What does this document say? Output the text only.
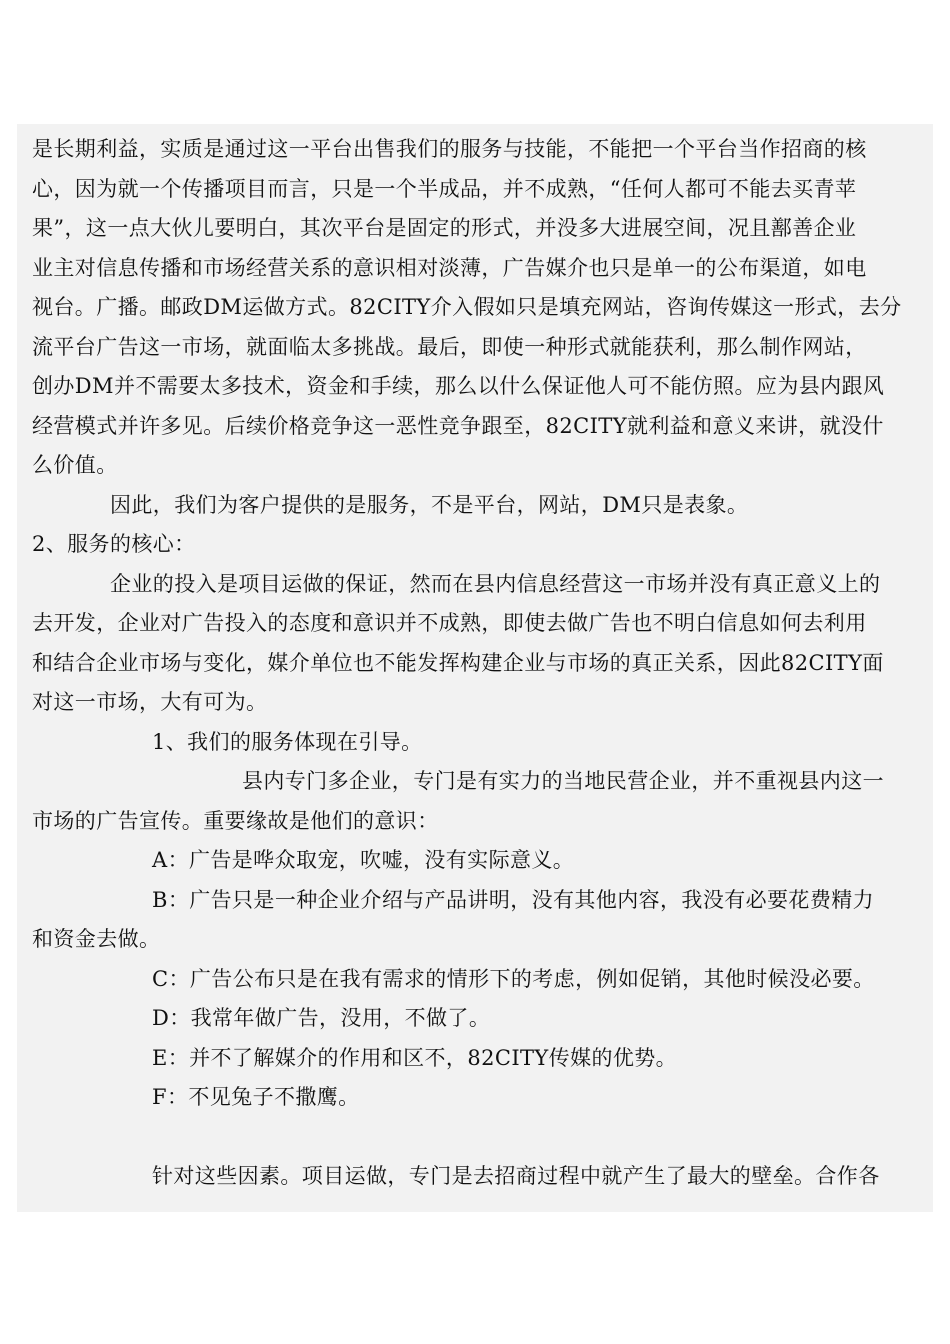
是长期利益，实质是通过这一平台出售我们的服务与技能，不能把一个平台当作招商的核
心，因为就一个传播项目而言，只是一个半成品，并不成熟，“任何人都可不能去买青苹
果”，这一点大伙儿要明白，其次平台是固定的形式，并没多大进展空间，况且鄯善企业
业主对信息传播和市场经营关系的意识相对淡薄，广告媒介也只是单一的公布渠道，如电
视台。广播。邮政DM运做方式。82CITY介入假如只是填充网站，咨询传媒这一形式，去分
流平台广告这一市场，就面临太多挑战。最后，即使一种形式就能获利，那么制作网站，
创办DM并不需要太多技术，资金和手续，那么以什么保证他人可不能仿照。应为县内跟风
经营模式并许多见。后续价格竞争这一恶性竞争跟至，82CITY就利益和意义来讲，就没什
么价值。
因此，我们为客户提供的是服务，不是平台，网站，DM只是表象。
2、服务的核心：
企业的投入是项目运做的保证，然而在县内信息经营这一市场并没有真正意义上的
去开发，企业对广告投入的态度和意识并不成熟，即使去做广告也不明白信息如何去利用
和结合企业市场与变化，媒介单位也不能发挥构建企业与市场的真正关系，因此82CITY面
对这一市场，大有可为。
1、我们的服务体现在引导。
县内专门多企业，专门是有实力的当地民营企业，并不重视县内这一
市场的广告宣传。重要缘故是他们的意识：
A：广告是哗众取宠，吹嘘，没有实际意义。
B：广告只是一种企业介绍与产品讲明，没有其他内容，我没有必要花费精力
和资金去做。
C：广告公布只是在我有需求的情形下的考虑，例如促销，其他时候没必要。
D：我常年做广告，没用，不做了。
E：并不了解媒介的作用和区不，82CITY传媒的优势。
F：不见兔子不撒鹰。
针对这些因素。项目运做，专门是去招商过程中就产生了最大的壁垒。合作各
